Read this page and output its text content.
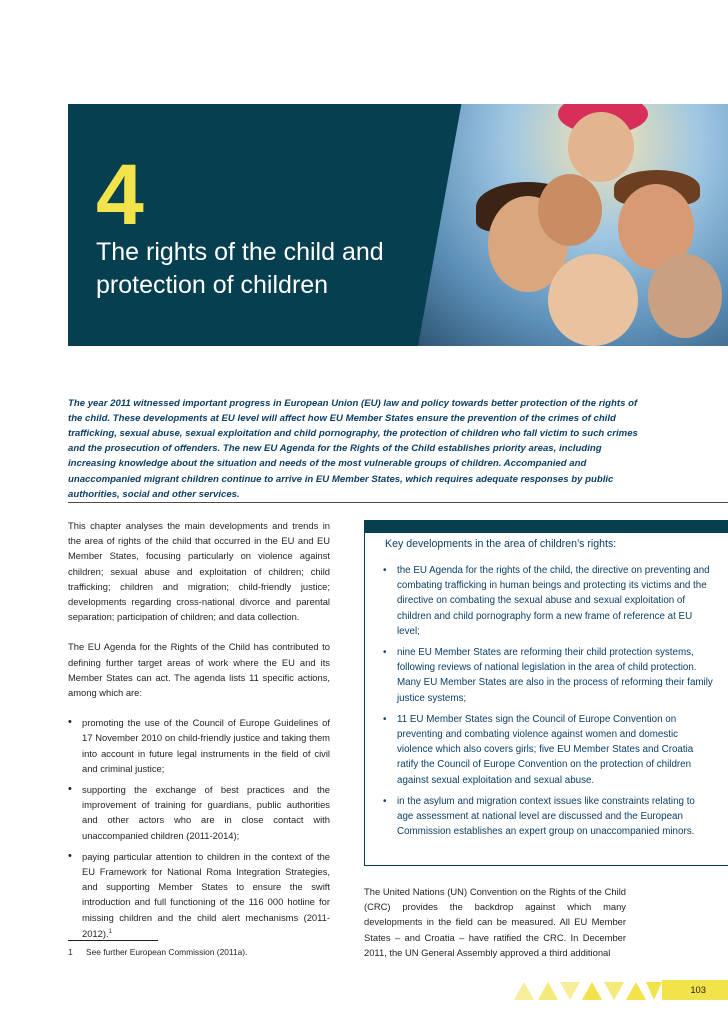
4
The rights of the child and
protection of children

The year 2011 witnessed important progress in European Union (EU) law and policy towards better protection of the rights of the child. These developments at EU level will affect how EU Member States ensure the prevention of the crimes of child trafficking, sexual abuse, sexual exploitation and child pornography, the protection of children who fall victim to such crimes and the prosecution of offenders. The new EU Agenda for the Rights of the Child establishes priority areas, including increasing knowledge about the situation and needs of the most vulnerable groups of children. Accompanied and unaccompanied migrant children continue to arrive in EU Member States, which requires adequate responses by public authorities, social and other services.

This chapter analyses the main developments and trends in the area of rights of the child that occurred in the EU and EU Member States, focusing particularly on violence against children; sexual abuse and exploitation of children; child trafficking; children and migration; child-friendly justice; developments regarding cross-national divorce and parental separation; participation of children; and data collection.

The EU Agenda for the Rights of the Child has contributed to defining further target areas of work where the EU and its Member States can act. The agenda lists 11 specific actions, among which are:

• promoting the use of the Council of Europe Guidelines of 17 November 2010 on child-friendly justice and taking them into account in future legal instruments in the field of civil and criminal justice;
• supporting the exchange of best practices and the improvement of training for guardians, public authorities and other actors who are in close contact with unaccompanied children (2011-2014);
• paying particular attention to children in the context of the EU Framework for National Roma Integration Strategies, and supporting Member States to ensure the swift introduction and full functioning of the 116 000 hotline for missing children and the child alert mechanisms (2011-2012).$^1$
1 See further European Commission (2011a).
Key developments in the area of children’s rights:
• the EU Agenda for the rights of the child, the directive on preventing and combating trafficking in human beings and protecting its victims and the directive on combating the sexual abuse and sexual exploitation of children and child pornography form a new frame of reference at EU level;
• nine EU Member States are reforming their child protection systems, following reviews of national legislation in the area of child protection. Many EU Member States are also in the process of reforming their family justice systems;
• 11 EU Member States sign the Council of Europe Convention on preventing and combating violence against women and domestic violence which also covers girls; five EU Member States and Croatia ratify the Council of Europe Convention on the protection of children against sexual exploitation and sexual abuse.
• in the asylum and migration context issues like constraints relating to age assessment at national level are discussed and the European Commission establishes an expert group on unaccompanied minors.

The United Nations (UN) Convention on the Rights of the Child (CRC) provides the backdrop against which many developments in the field can be measured. All EU Member States – and Croatia – have ratified the CRC. In December 2011, the UN General Assembly approved a third additional

103
